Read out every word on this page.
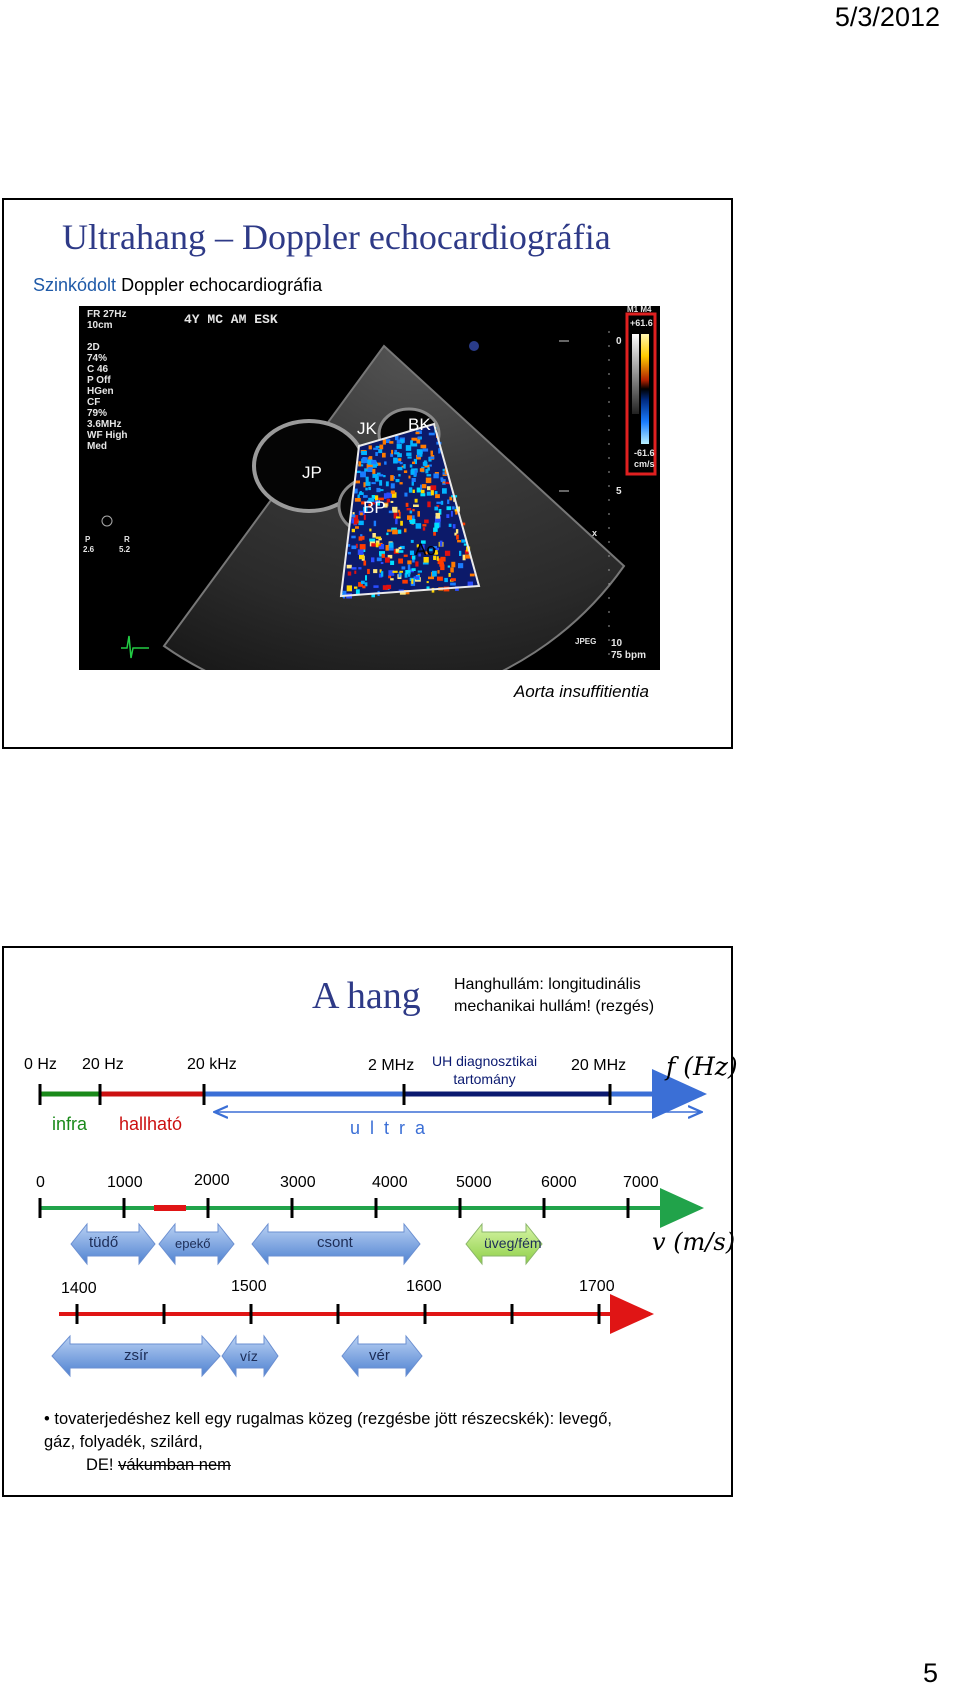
5/3/2012
Ultrahang – Doppler echocardiográfia
Szinkódolt Doppler echocardiográfia
FR 27Hz
10cm

2D
74%
C 46
P Off
HGen
CF
79%
3.6MHz
WF High
Med
4Y MC AM ESK
M1 M4
+61.6
-61.6
cm/s
0
5
10
75 bpm
JPEG
P	R
2.6	5.2
x
JK BK
JP
BP
Ao
Aorta insuffitientia
A hang Hanghullám: longitudinális
mechanikai hullám! (rezgés)
0 Hz 20 Hz	20 kHz	2 MHz	20 MHz
UH diagnosztikai
tartomány	f (Hz)
infra hallható	u  l  t  r  a
0	1000	2000	3000	4000	5000	6000	7000
v (m/s)
tüdő	epekő	csont	üveg/fém
1400	1500	1600	1700
zsír	víz	vér
• tovaterjedéshez kell egy rugalmas közeg (rezgésbe jött részecskék): levegő,
gáz, folyadék, szilárd,
DE! vákumban nem
5
